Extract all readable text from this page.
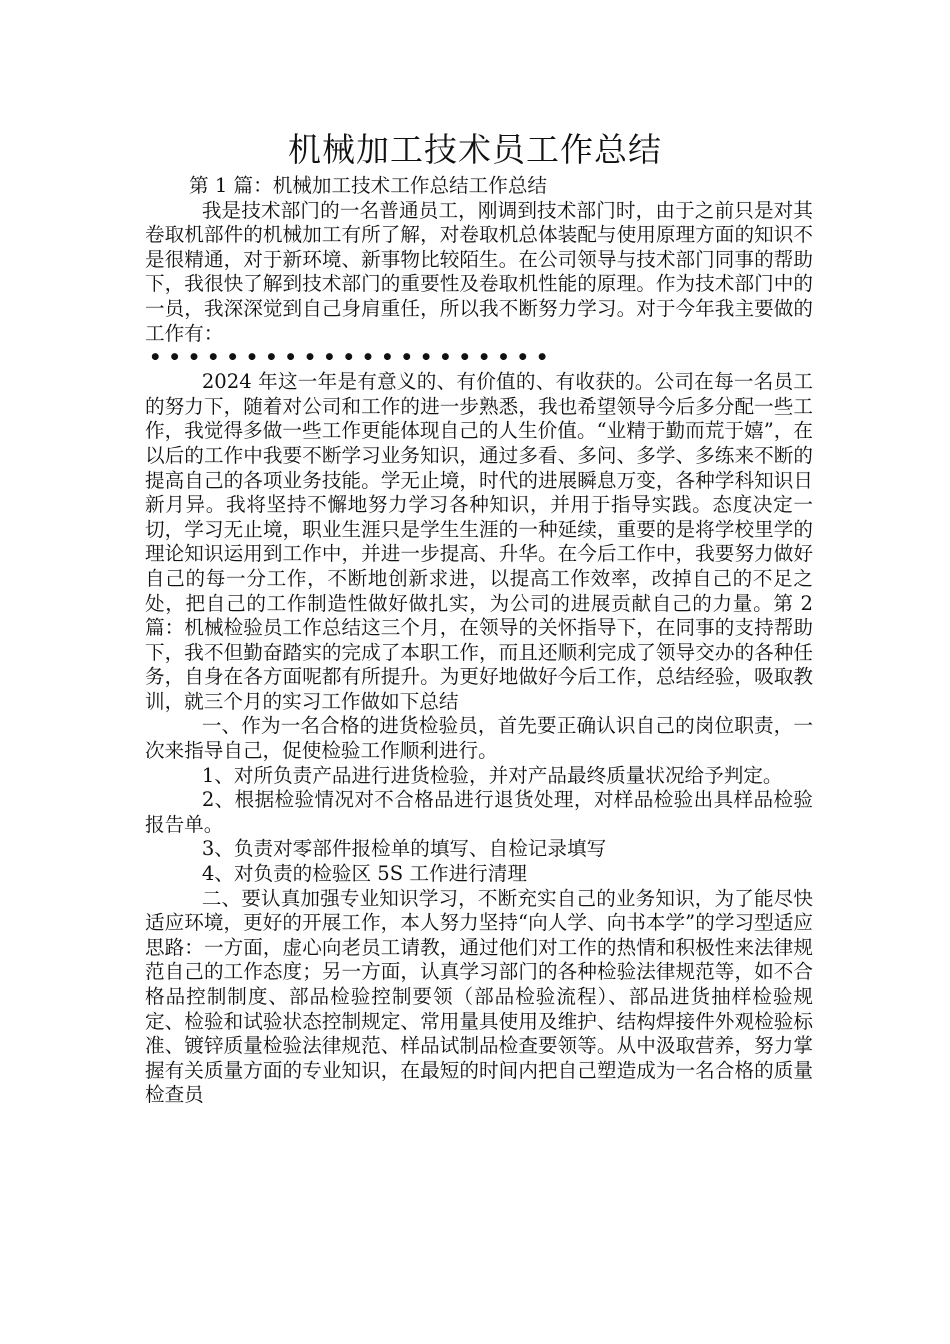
机械加工技术员工作总结

第 1 篇：机械加工技术工作总结工作总结

我是技术部门的一名普通员工，刚调到技术部门时，由于之前只是对其卷取机部件的机械加工有所了解，对卷取机总体装配与使用原理方面的知识不是很精通，对于新环境、新事物比较陌生。在公司领导与技术部门同事的帮助下，我很快了解到技术部门的重要性及卷取机性能的原理。作为技术部门中的一员，我深深觉到自己身肩重任，所以我不断努力学习。对于今年我主要做的工作有：

• • • • • • • • • • • • • • • • • • • • •

2024 年这一年是有意义的、有价值的、有收获的。公司在每一名员工的努力下，随着对公司和工作的进一步熟悉，我也希望领导今后多分配一些工作，我觉得多做一些工作更能体现自己的人生价值。“业精于勤而荒于嬉”，在以后的工作中我要不断学习业务知识，通过多看、多问、多学、多练来不断的提高自己的各项业务技能。学无止境，时代的进展瞬息万变，各种学科知识日新月异。我将坚持不懈地努力学习各种知识，并用于指导实践。态度决定一切，学习无止境，职业生涯只是学生生涯的一种延续，重要的是将学校里学的理论知识运用到工作中，并进一步提高、升华。在今后工作中，我要努力做好自己的每一分工作，不断地创新求进，以提高工作效率，改掉自己的不足之处，把自己的工作制造性做好做扎实，为公司的进展贡献自己的力量。第 2 篇：机械检验员工作总结这三个月，在领导的关怀指导下，在同事的支持帮助下，我不但勤奋踏实的完成了本职工作，而且还顺利完成了领导交办的各种任务，自身在各方面呢都有所提升。为更好地做好今后工作，总结经验，吸取教训，就三个月的实习工作做如下总结

一、作为一名合格的进货检验员，首先要正确认识自己的岗位职责，一次来指导自己，促使检验工作顺利进行。

1、对所负责产品进行进货检验，并对产品最终质量状况给予判定。

2、根据检验情况对不合格品进行退货处理，对样品检验出具样品检验报告单。

3、负责对零部件报检单的填写、自检记录填写

4、对负责的检验区 5S 工作进行清理

二、要认真加强专业知识学习，不断充实自己的业务知识，为了能尽快适应环境，更好的开展工作，本人努力坚持“向人学、向书本学”的学习型适应思路：一方面，虚心向老员工请教，通过他们对工作的热情和积极性来法律规范自己的工作态度；另一方面，认真学习部门的各种检验法律规范等，如不合格品控制制度、部品检验控制要领（部品检验流程）、部品进货抽样检验规定、检验和试验状态控制规定、常用量具使用及维护、结构焊接件外观检验标准、镀锌质量检验法律规范、样品试制品检查要领等。从中汲取营养，努力掌握有关质量方面的专业知识，在最短的时间内把自己塑造成为一名合格的质量检查员
